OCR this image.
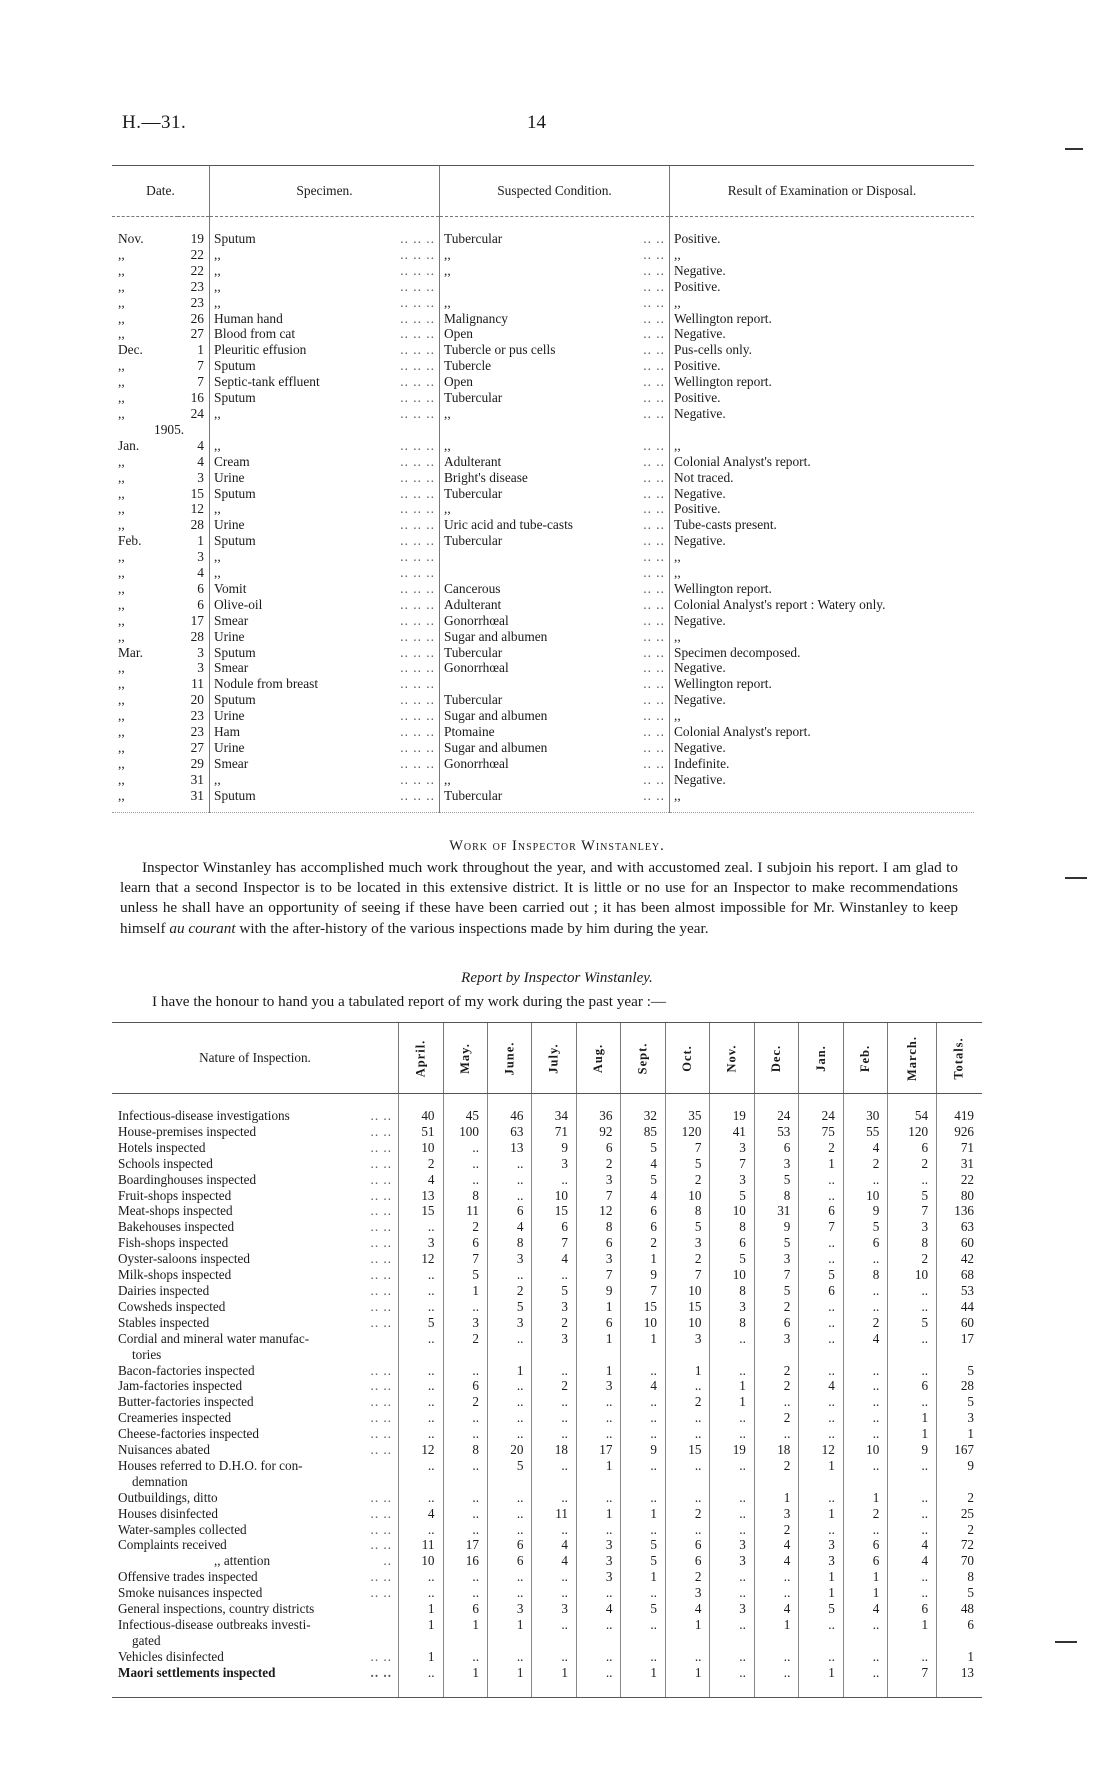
H.—31.	14
Date.		Specimen.	Suspected Condition.	Result of Examination or Disposal.
Nov.	19	Sputum .. .. ..	Tubercular .. ..	Positive.
,,	22	,, .. .. ..	,, .. ..	,,
,,	22	,, .. .. ..	,, .. ..	Negative.
,,	23	,, .. .. ..	.. ..	Positive.
,,	23	,, .. .. ..	,, .. ..	,,
,,	26	Human hand .. .. ..	Malignancy .. ..	Wellington report.
,,	27	Blood from cat .. .. ..	Open .. ..	Negative.
Dec.	1	Pleuritic effusion .. .. ..	Tubercle or pus cells .. ..	Pus-cells only.
,,	7	Sputum .. .. ..	Tubercle .. ..	Positive.
,,	7	Septic-tank effluent .. .. ..	Open .. ..	Wellington report.
,,	16	Sputum .. .. ..	Tubercular .. ..	Positive.
,,	24	,, .. .. ..	,, .. ..	Negative.
1905.				
Jan.	4	,, .. .. ..	,, .. ..	,,
,,	4	Cream .. .. ..	Adulterant .. ..	Colonial Analyst's report.
,,	3	Urine .. .. ..	Bright's disease .. ..	Not traced.
,,	15	Sputum .. .. ..	Tubercular .. ..	Negative.
,,	12	,, .. .. ..	,, .. ..	Positive.
,,	28	Urine .. .. ..	Uric acid and tube-casts .. ..	Tube-casts present.
Feb.	1	Sputum .. .. ..	Tubercular .. ..	Negative.
,,	3	,, .. .. ..	.. ..	,,
,,	4	,, .. .. ..	.. ..	,,
,,	6	Vomit .. .. ..	Cancerous .. ..	Wellington report.
,,	6	Olive-oil .. .. ..	Adulterant .. ..	Colonial Analyst's report : Watery only.
,,	17	Smear .. .. ..	Gonorrhœal .. ..	Negative.
,,	28	Urine .. .. ..	Sugar and albumen .. ..	,,
Mar.	3	Sputum .. .. ..	Tubercular .. ..	Specimen decomposed.
,,	3	Smear .. .. ..	Gonorrhœal .. ..	Negative.
,,	11	Nodule from breast .. .. ..	.. ..	Wellington report.
,,	20	Sputum .. .. ..	Tubercular .. ..	Negative.
,,	23	Urine .. .. ..	Sugar and albumen .. ..	,,
,,	23	Ham .. .. ..	Ptomaine .. ..	Colonial Analyst's report.
,,	27	Urine .. .. ..	Sugar and albumen .. ..	Negative.
,,	29	Smear .. .. ..	Gonorrhœal .. ..	Indefinite.
,,	31	,, .. .. ..	,, .. ..	Negative.
,,	31	Sputum .. .. ..	Tubercular .. ..	,,
Work of Inspector Winstanley.

Inspector Winstanley has accomplished much work throughout the year, and with accustomed zeal. I subjoin his report. I am glad to learn that a second Inspector is to be located in this extensive district. It is little or no use for an Inspector to make recommendations unless he shall have an opportunity of seeing if these have been carried out ; it has been almost impossible for Mr. Winstanley to keep himself au courant with the after-history of the various inspections made by him during the year.

Report by Inspector Winstanley.
I have the honour to hand you a tabulated report of my work during the past year :—
Nature of Inspection.	April.	May.	June.	July.	Aug.	Sept.	Oct.	Nov.	Dec.	Jan.	Feb.	March.	Totals.

Infectious-disease investigations .. ..	40	45	46	34	36	32	35	19	24	24	30	54	419

House-premises inspected .. ..	51	100	63	71	92	85	120	41	53	75	55	120	926

Hotels inspected .. ..	10	..	13	9	6	5	7	3	6	2	4	6	71

Schools inspected .. ..	2	..	..	3	2	4	5	7	3	1	2	2	31

Boardinghouses inspected .. ..	4	..	..	..	3	5	2	3	5	..	..	..	22

Fruit-shops inspected .. ..	13	8	..	10	7	4	10	5	8	..	10	5	80

Meat-shops inspected .. ..	15	11	6	15	12	6	8	10	31	6	9	7	136

Bakehouses inspected .. ..	..	2	4	6	8	6	5	8	9	7	5	3	63

Fish-shops inspected .. ..	3	6	8	7	6	2	3	6	5	..	6	8	60

Oyster-saloons inspected .. ..	12	7	3	4	3	1	2	5	3	..	..	2	42

Milk-shops inspected .. ..	..	5	..	..	7	9	7	10	7	5	8	10	68

Dairies inspected .. ..	..	1	2	5	9	7	10	8	5	6	..	..	53

Cowsheds inspected .. ..	..	..	5	3	1	15	15	3	2	..	..	..	44

Stables inspected .. ..	5	3	3	2	6	10	10	8	6	..	2	5	60

Cordial and mineral water manufac-
tories	..	2	..	3	1	1	3	..	3	..	4	..	17

Bacon-factories inspected .. ..	..	..	1	..	1	..	1	..	2	..	..	..	5

Jam-factories inspected .. ..	..	6	..	2	3	4	..	1	2	4	..	6	28

Butter-factories inspected .. ..	..	2	..	..	..	..	2	1	..	..	..	..	5

Creameries inspected .. ..	..	..	..	..	..	..	..	..	2	..	..	1	3

Cheese-factories inspected .. ..	..	..	..	..	..	..	..	..	..	..	..	1	1

Nuisances abated .. ..	12	8	20	18	17	9	15	19	18	12	10	9	167

Houses referred to D.H.O. for con-
demnation	..	..	5	..	1	..	..	..	2	1	..	..	9

Outbuildings, ditto .. ..	..	..	..	..	..	..	..	..	1	..	1	..	2

Houses disinfected .. ..	4	..	..	11	1	1	2	..	3	1	2	..	25

Water-samples collected .. ..	..	..	..	..	..	..	..	..	2	..	..	..	2

Complaints received .. ..	11	17	6	4	3	5	6	3	4	3	6	4	72

,, attention ..	10	16	6	4	3	5	6	3	4	3	6	4	70

Offensive trades inspected .. ..	..	..	..	..	3	1	2	..	..	1	1	..	8

Smoke nuisances inspected .. ..	..	..	..	..	..	..	3	..	..	1	1	..	5
General inspections, country districts	1	6	3	3	4	5	4	3	4	5	4	6	48

Infectious-disease outbreaks investi-
gated	1	1	1	..	..	..	1	..	1	..	..	1	6

Vehicles disinfected .. ..	1	..	..	..	..	..	..	..	..	..	..	..	1

Maori settlements inspected .. ..	..	1	1	1	..	1	1	..	..	1	..	7	13
